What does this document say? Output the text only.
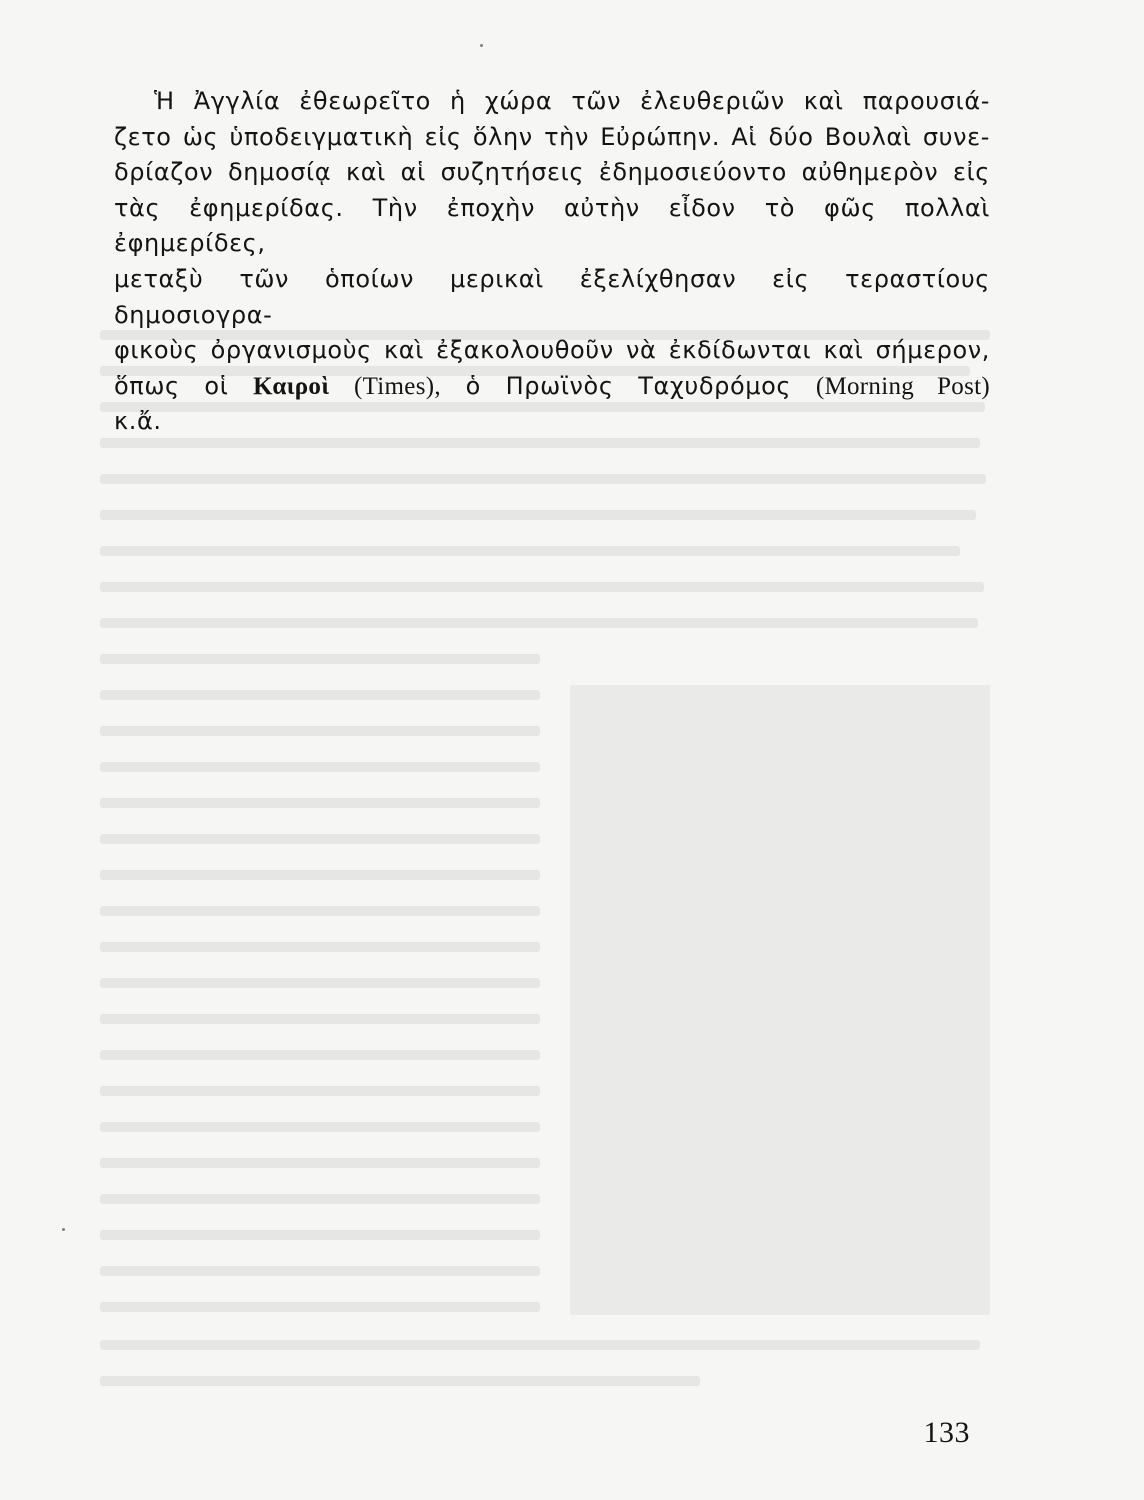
Ἡ Ἀγγλία ἐθεωρεῖτο ἡ χώρα τῶν ἐλευθεριῶν καὶ παρουσιά-
ζετο ὡς ὑποδειγματικὴ εἰς ὅλην τὴν Εὐρώπην. Αἱ δύο Βουλαὶ συνε-
δρίαζον δημοσίᾳ καὶ αἱ συζητήσεις ἐδημοσιεύοντο αὐθημερὸν εἰς
τὰς ἐφημερίδας. Τὴν ἐποχὴν αὐτὴν εἶδον τὸ φῶς πολλαὶ ἐφημερίδες,
μεταξὺ τῶν ὁποίων μερικαὶ ἐξελίχθησαν εἰς τεραστίους δημοσιογρα-
φικοὺς ὀργανισμοὺς καὶ ἐξακολουθοῦν νὰ ἐκδίδωνται καὶ σήμερον,
ὅπως οἱ Καιροὶ (Times), ὁ Πρωϊνὸς Ταχυδρόμος (Morning Post)
κ.ἄ.
133
